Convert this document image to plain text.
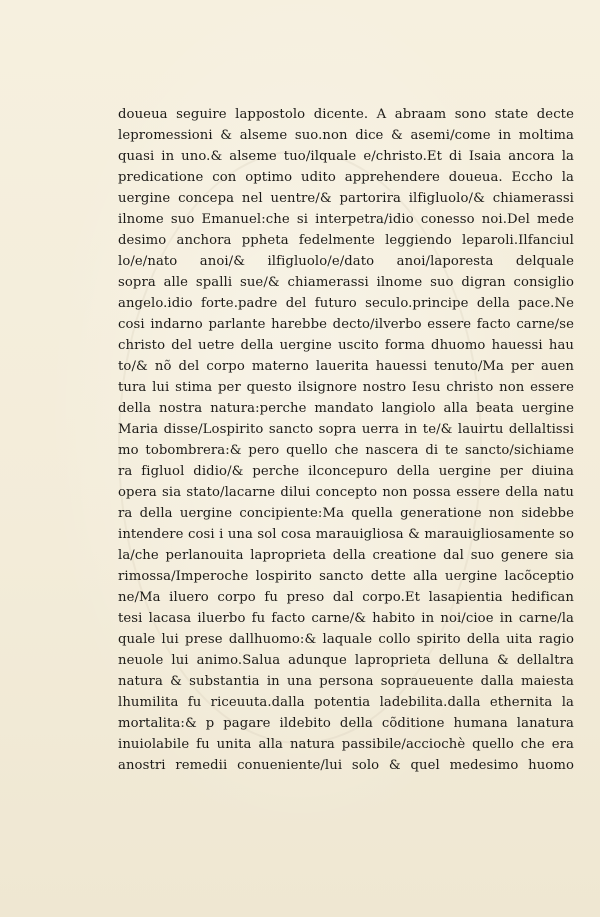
doueua seguire lappostolo dicente. A abraam sono state decte
lepromessioni & alseme suo.non dice & asemi/come in moltima
quasi in uno.& alseme tuo/ilquale e/christo.Et di Isaia ancora la
predicatione con optimo udito apprehendere doueua. Eccho la
uergine concepa nel uentre/& partorira ilfigluolo/& chiamerassi
ilnome suo Emanuel:che si interpetra/idio conesso noi.Del mede
desimo anchora ppheta fedelmente leggiendo leparoli.Ilfanciul
lo/e/nato anoi/& ilfigluolo/e/dato anoi/laporesta delquale
sopra alle spalli sue/& chiamerassi ilnome suo digran consiglio
angelo.idio forte.padre del futuro seculo.principe della pace.Ne
cosi indarno parlante harebbe decto/ilverbo essere facto carne/se
christo del uetre della uergine uscito forma dhuomo hauessi hau
to/& nõ del corpo materno lauerita hauessi tenuto/Ma per auen
tura lui stima per questo ilsignore nostro Iesu christo non essere
della nostra natura:perche mandato langiolo alla beata uergine
Maria disse/Lospirito sancto sopra uerra in te/& lauirtu dellaltissi
mo tobombrera:& pero quello che nascera di te sancto/sichiame
ra figluol didio/& perche ilconcepuro della uergine per diuina
opera sia stato/lacarne dilui concepto non possa essere della natu
ra della uergine concipiente:Ma quella generatione non sidebbe
intendere cosi i una sol cosa marauigliosa & marauigliosamente so
la/che perlanouita laproprieta della creatione dal suo genere sia
rimossa/Imperoche lospirito sancto dette alla uergine lacõceptio
ne/Ma iluero corpo fu preso dal corpo.Et lasapientia hedifican
tesi lacasa iluerbo fu facto carne/& habito in noi/cioe in carne/la
quale lui prese dallhuomo:& laquale collo spirito della uita ragio
neuole lui animo.Salua adunque laproprieta delluna & dellaltra
natura & substantia in una persona sopraueuente dalla maiesta
lhumilita fu riceuuta.dalla potentia ladebilita.dalla ethernita la
mortalita:& p pagare ildebito della cõditione humana lanatura
inuiolabile fu unita alla natura passibile/acciochè quello che era
anostri remedii conueniente/lui solo & quel medesimo huomo
